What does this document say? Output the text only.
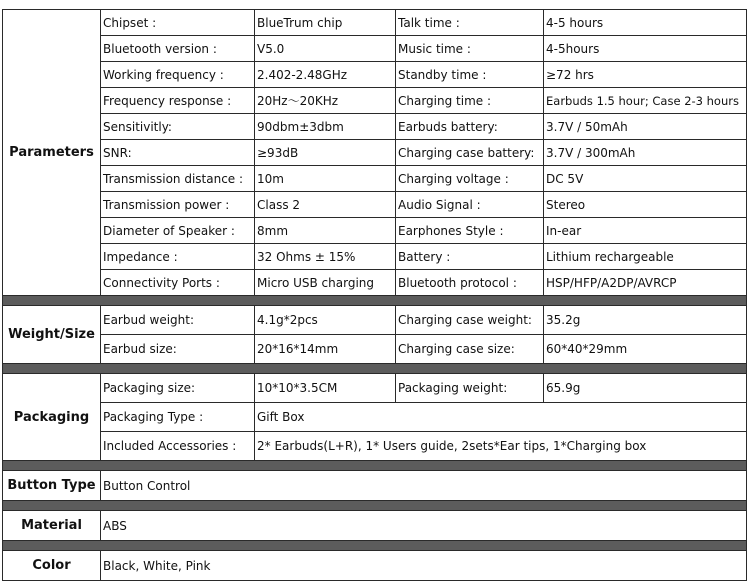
Parameters	Chipset :	BlueTrum chip	Talk time :	4-5 hours
	Bluetooth version :	V5.0	Music time :	4-5hours
	Working frequency :	2.402-2.48GHz	Standby time :	≥72 hrs
	Frequency response :	20Hz～20KHz	Charging time :	Earbuds 1.5 hour; Case 2-3 hours
	Sensitivitly:	90dbm±3dbm	Earbuds battery:	3.7V / 50mAh
	SNR:	≥93dB	Charging case battery:	3.7V / 300mAh
	Transmission distance :	10m	Charging voltage :	DC 5V
	Transmission power :	Class 2	Audio Signal :	Stereo
	Diameter of Speaker :	8mm	Earphones Style :	In-ear
	Impedance :	32 Ohms ± 15%	Battery :	Lithium rechargeable
	Connectivity Ports :	Micro USB charging	Bluetooth protocol :	HSP/HFP/A2DP/AVRCP

Weight/Size	Earbud weight:	4.1g*2pcs	Charging case weight:	35.2g
	Earbud size:	20*16*14mm	Charging case size:	60*40*29mm

Packaging	Packaging size:	10*10*3.5CM	Packaging weight:	65.9g
	Packaging Type :	Gift Box		
	Included Accessories :	2* Earbuds(L+R), 1* Users guide, 2sets*Ear tips, 1*Charging box		

Button Type	Button Control			

Material	ABS			

Color	Black, White, Pink			
